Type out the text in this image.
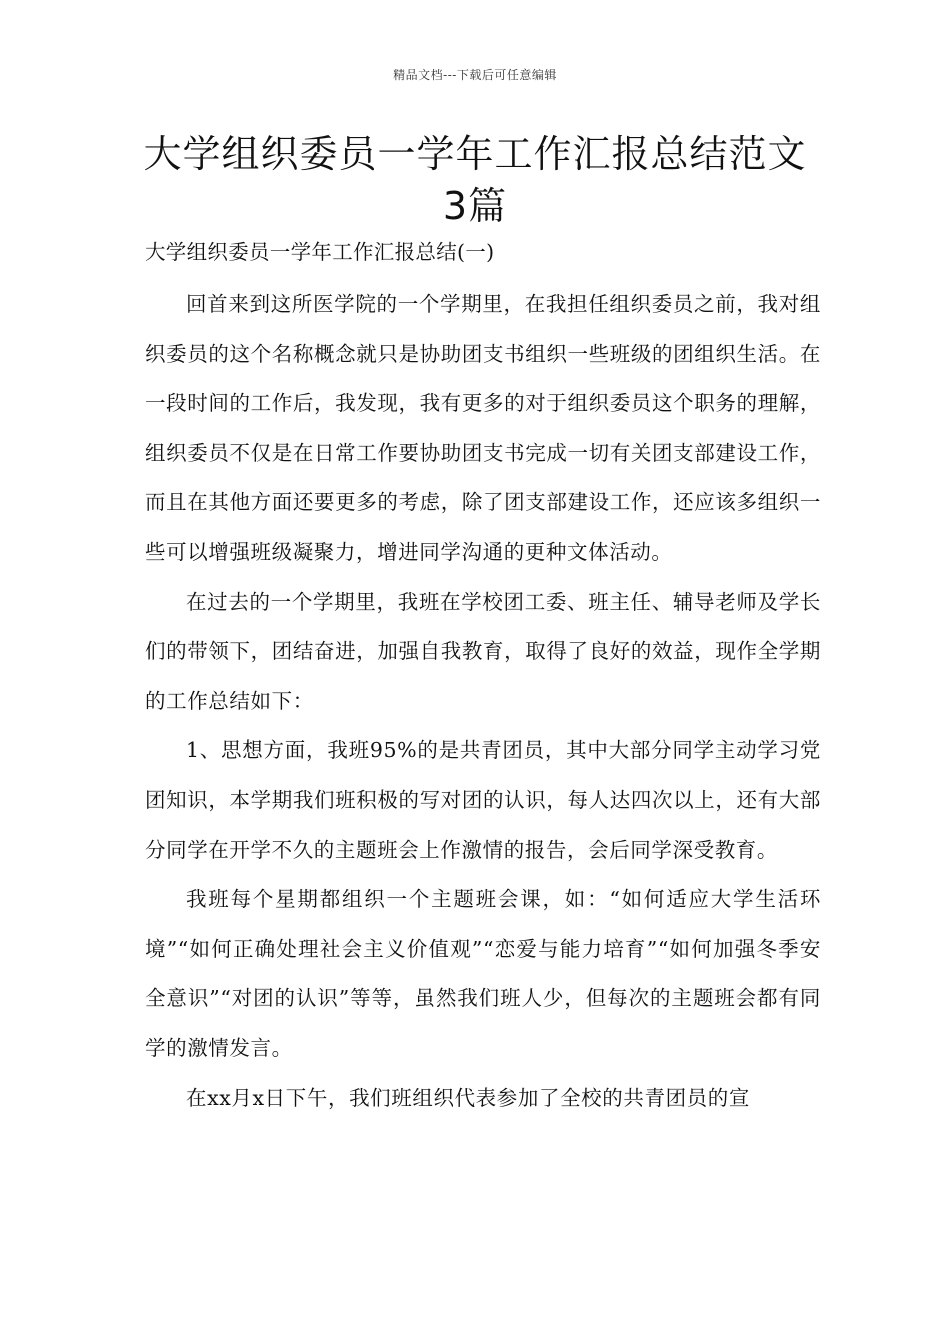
精品文档---下载后可任意编辑
大学组织委员一学年工作汇报总结范文
3篇

大学组织委员一学年工作汇报总结(一)

回首来到这所医学院的一个学期里，在我担任组织委员之前，我对组织委员的这个名称概念就只是协助团支书组织一些班级的团组织生活。在一段时间的工作后，我发现，我有更多的对于组织委员这个职务的理解，组织委员不仅是在日常工作要协助团支书完成一切有关团支部建设工作，而且在其他方面还要更多的考虑，除了团支部建设工作，还应该多组织一些可以增强班级凝聚力，增进同学沟通的更种文体活动。

在过去的一个学期里，我班在学校团工委、班主任、辅导老师及学长们的带领下，团结奋进，加强自我教育，取得了良好的效益，现作全学期的工作总结如下：

1、思想方面，我班95%的是共青团员，其中大部分同学主动学习党团知识，本学期我们班积极的写对团的认识，每人达四次以上，还有大部分同学在开学不久的主题班会上作激情的报告，会后同学深受教育。

我班每个星期都组织一个主题班会课，如：“如何适应大学生活环境”“如何正确处理社会主义价值观”“恋爱与能力培育”“如何加强冬季安全意识”“对团的认识”等等，虽然我们班人少，但每次的主题班会都有同学的激情发言。

在xx月x日下午，我们班组织代表参加了全校的共青团员的宣
